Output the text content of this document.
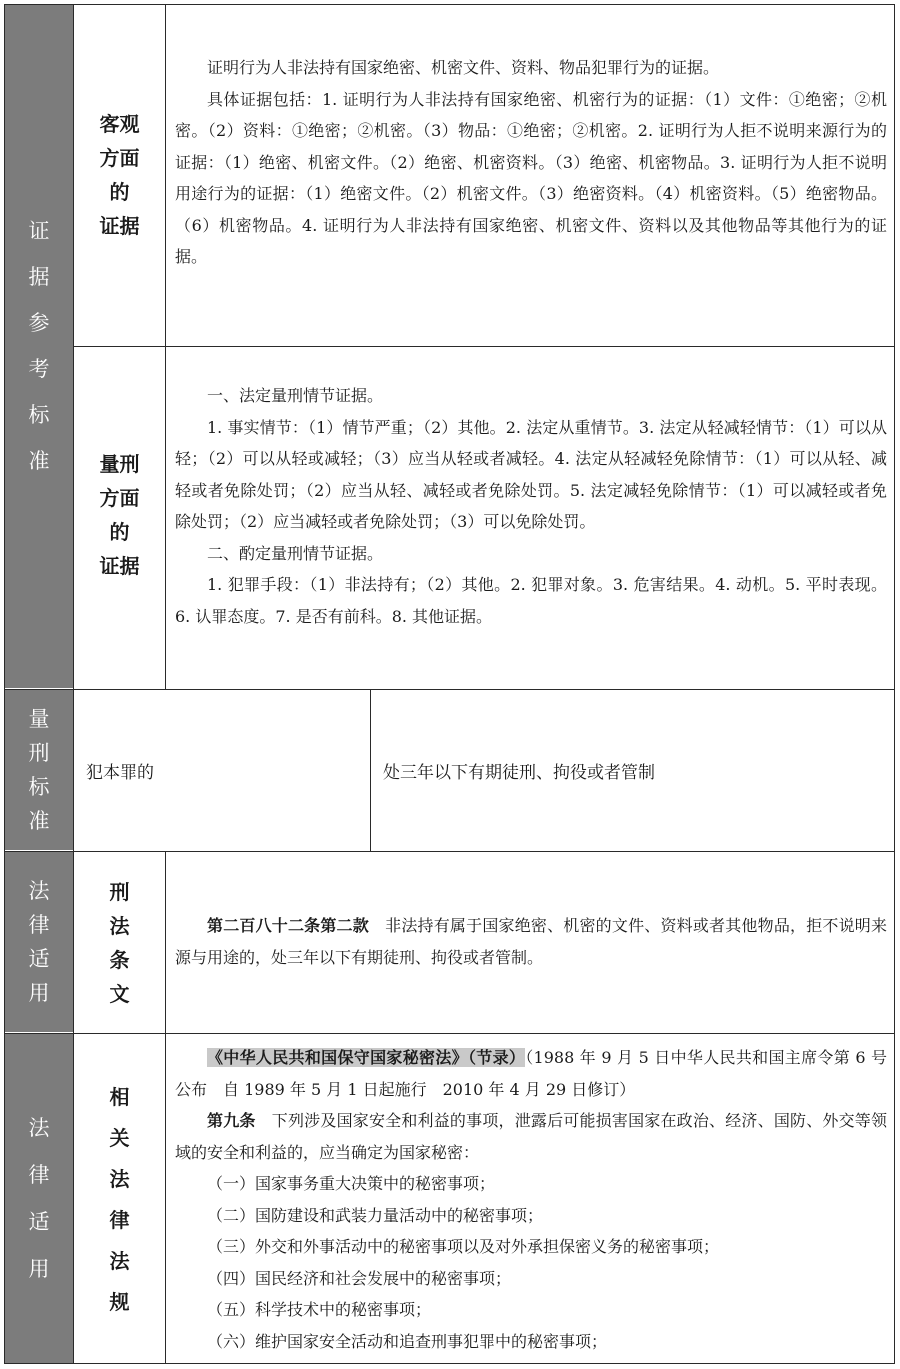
证
据
参
考
标
准
量
刑
标
准
法
律
适
用
法
律
适
用
客观
方面
的
证据

证明行为人非法持有国家绝密、机密文件、资料、物品犯罪行为的证据。

具体证据包括：1. 证明行为人非法持有国家绝密、机密行为的证据：（1）文件：①绝密；②机密。（2）资料：①绝密；②机密。（3）物品：①绝密；②机密。2. 证明行为人拒不说明来源行为的证据：（1）绝密、机密文件。（2）绝密、机密资料。（3）绝密、机密物品。3. 证明行为人拒不说明用途行为的证据：（1）绝密文件。（2）机密文件。（3）绝密资料。（4）机密资料。（5）绝密物品。（6）机密物品。4. 证明行为人非法持有国家绝密、机密文件、资料以及其他物品等其他行为的证据。

量刑
方面
的
证据

一、法定量刑情节证据。

1. 事实情节：（1）情节严重；（2）其他。2. 法定从重情节。3. 法定从轻减轻情节：（1）可以从轻；（2）可以从轻或减轻；（3）应当从轻或者减轻。4. 法定从轻减轻免除情节：（1）可以从轻、减轻或者免除处罚；（2）应当从轻、减轻或者免除处罚。5. 法定减轻免除情节：（1）可以减轻或者免除处罚；（2）应当减轻或者免除处罚；（3）可以免除处罚。

二、酌定量刑情节证据。

1. 犯罪手段：（1）非法持有；（2）其他。2. 犯罪对象。3. 危害结果。4. 动机。5. 平时表现。6. 认罪态度。7. 是否有前科。8. 其他证据。

犯本罪的	处三年以下有期徒刑、拘役或者管制
刑
法
条
文

第二百八十二条第二款　非法持有属于国家绝密、机密的文件、资料或者其他物品，拒不说明来源与用途的，处三年以下有期徒刑、拘役或者管制。

相
关
法
律
法
规

《中华人民共和国保守国家秘密法》（节录）（1988 年 9 月 5 日中华人民共和国主席令第 6 号公布　自 1989 年 5 月 1 日起施行　2010 年 4 月 29 日修订）

第九条　下列涉及国家安全和利益的事项，泄露后可能损害国家在政治、经济、国防、外交等领域的安全和利益的，应当确定为国家秘密：

（一）国家事务重大决策中的秘密事项；

（二）国防建设和武装力量活动中的秘密事项；

（三）外交和外事活动中的秘密事项以及对外承担保密义务的秘密事项；

（四）国民经济和社会发展中的秘密事项；

（五）科学技术中的秘密事项；

（六）维护国家安全活动和追查刑事犯罪中的秘密事项；
